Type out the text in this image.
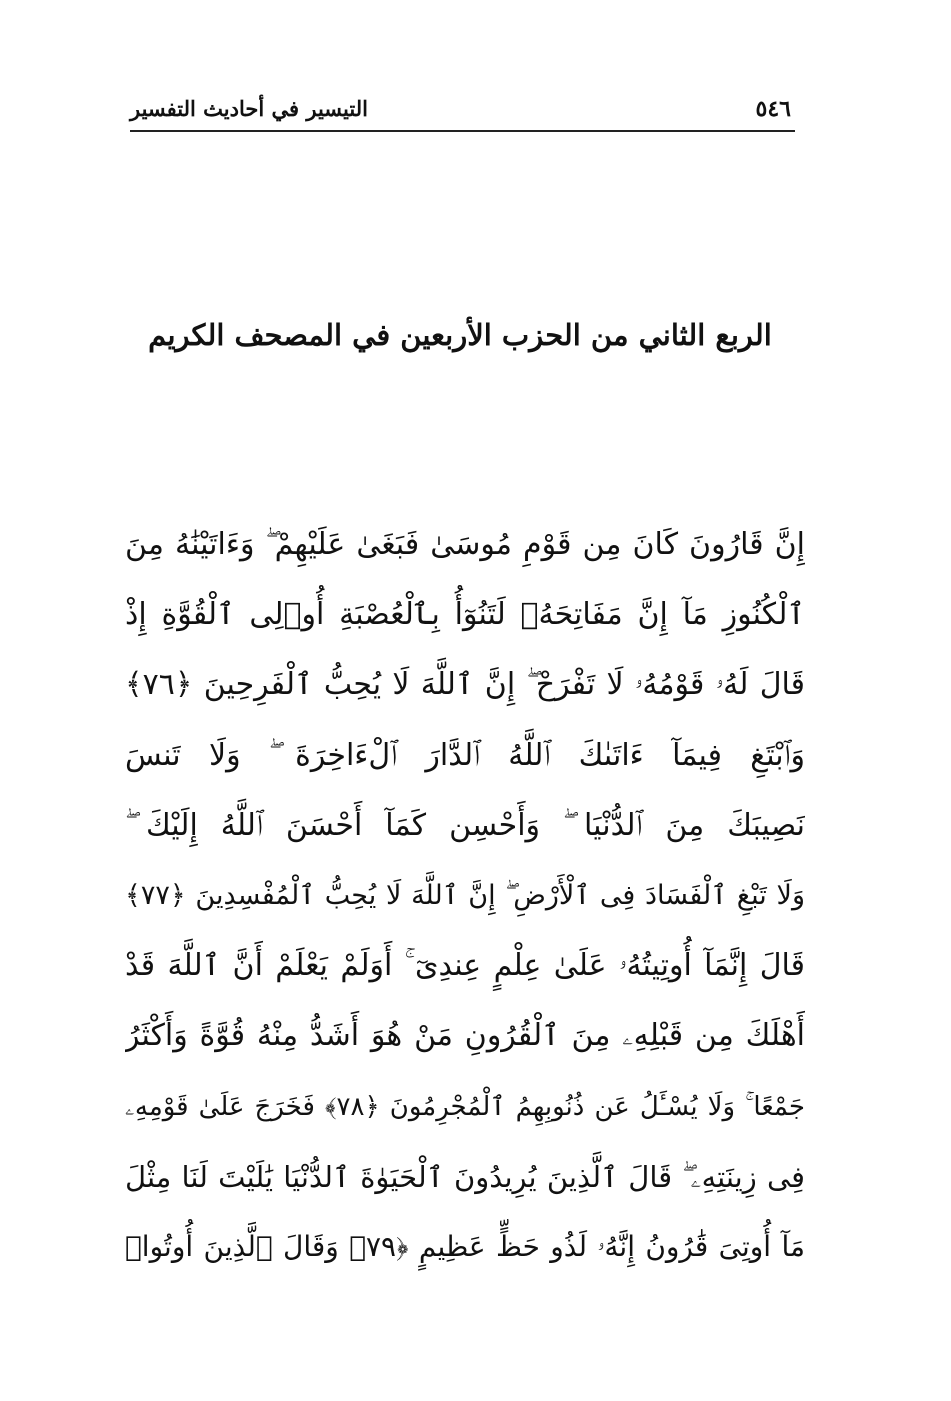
٥٤٦
التيسير في أحاديث التفسير
الربع الثاني من الحزب الأربعين في المصحف الكريم
إِنَّ قَارُونَ كَانَ مِن قَوْمِ مُوسَىٰ فَبَغَىٰ عَلَيْهِمْ ۖ وَءَاتَيْنَٰهُ مِنَ
ٱلْكُنُوزِ مَآ إِنَّ مَفَاتِحَهُۥ لَتَنُوٓأُ بِٱلْعُصْبَةِ أُو۟لِى ٱلْقُوَّةِ إِذْ
قَالَ لَهُۥ قَوْمُهُۥ لَا تَفْرَحْ ۖ إِنَّ ٱللَّهَ لَا يُحِبُّ ٱلْفَرِحِينَ ﴿٧٦﴾
وَٱبْتَغِ فِيمَآ ءَاتَىٰكَ ٱللَّهُ ٱلدَّارَ ٱلْءَاخِرَةَ ۖ وَلَا تَنسَ
نَصِيبَكَ مِنَ ٱلدُّنْيَا ۖ وَأَحْسِن كَمَآ أَحْسَنَ ٱللَّهُ إِلَيْكَ ۖ
وَلَا تَبْغِ ٱلْفَسَادَ فِى ٱلْأَرْضِ ۖ إِنَّ ٱللَّهَ لَا يُحِبُّ ٱلْمُفْسِدِينَ ﴿٧٧﴾
قَالَ إِنَّمَآ أُوتِيتُهُۥ عَلَىٰ عِلْمٍ عِندِىٓ ۚ أَوَلَمْ يَعْلَمْ أَنَّ ٱللَّهَ قَدْ
أَهْلَكَ مِن قَبْلِهِۦ مِنَ ٱلْقُرُونِ مَنْ هُوَ أَشَدُّ مِنْهُ قُوَّةً وَأَكْثَرُ
جَمْعًا ۚ وَلَا يُسْـَٔلُ عَن ذُنُوبِهِمُ ٱلْمُجْرِمُونَ ﴿٧٨﴾ فَخَرَجَ عَلَىٰ قَوْمِهِۦ
فِى زِينَتِهِۦ ۖ قَالَ ٱلَّذِينَ يُرِيدُونَ ٱلْحَيَوٰةَ ٱلدُّنْيَا يَٰلَيْتَ لَنَا مِثْلَ
مَآ أُوتِىَ قَٰرُونُ إِنَّهُۥ لَذُو حَظٍّ عَظِيمٍ ﴿٧٩﴾ وَقَالَ ٱلَّذِينَ أُوتُوا۟
